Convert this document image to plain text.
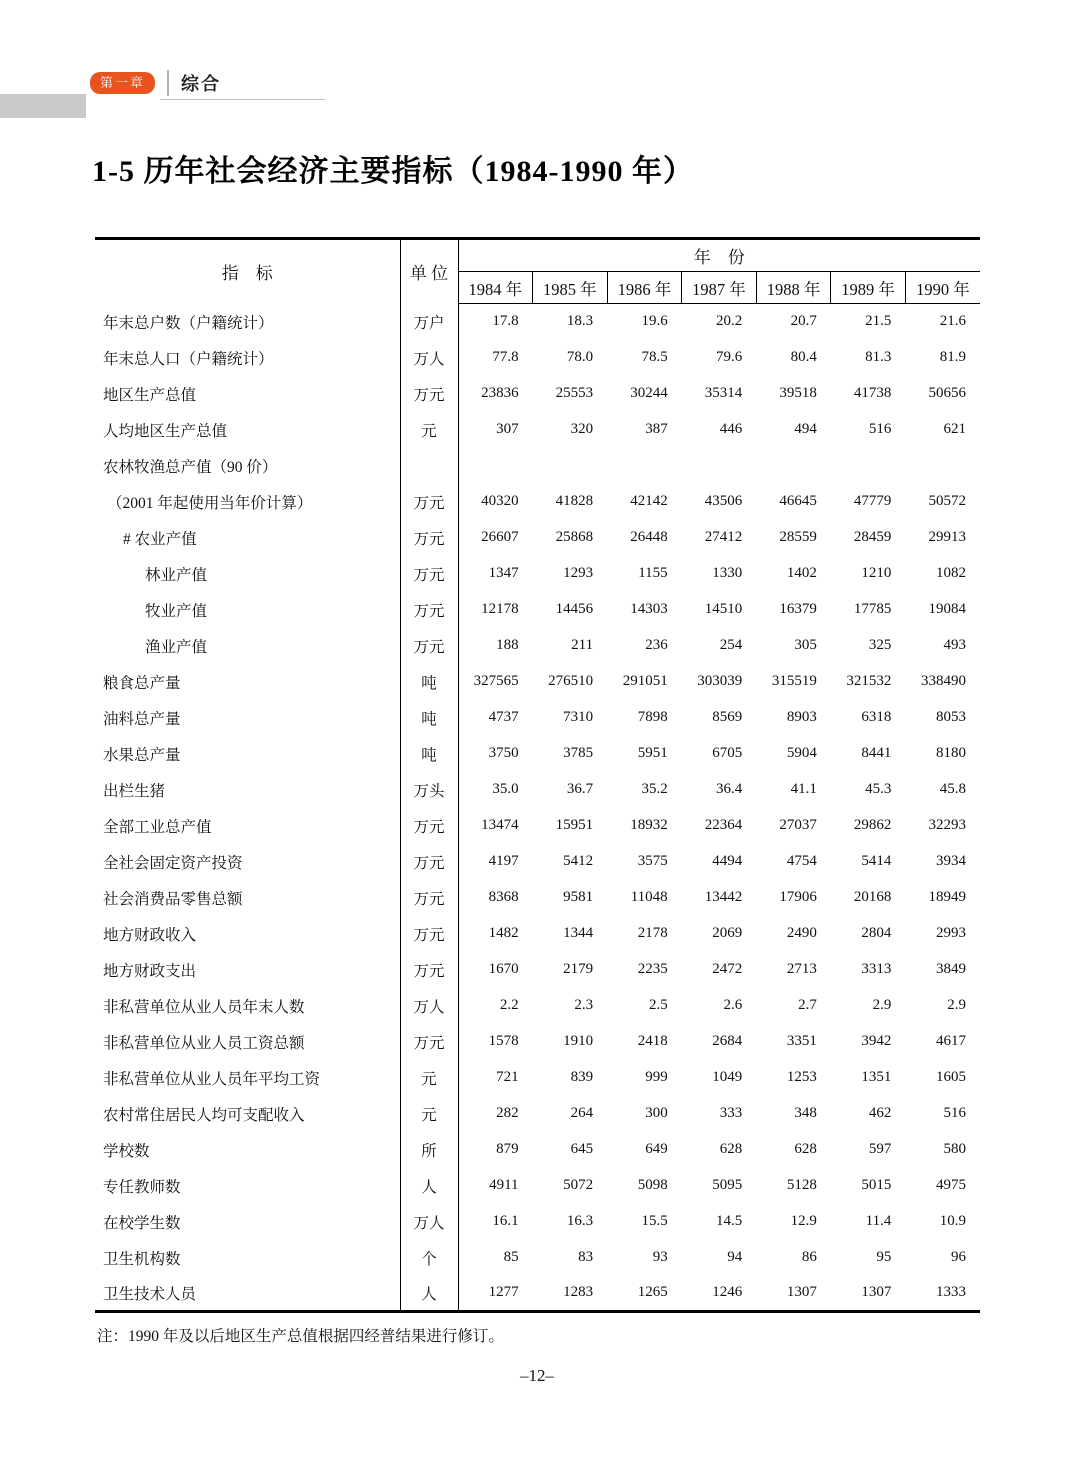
第一章	综合
1-5 历年社会经济主要指标（1984-1990 年）
指　标	单 位	年　份						
		1984 年	1985 年	1986 年	1987 年	1988 年	1989 年	1990 年
年末总户数（户籍统计）	万户	17.8	18.3	19.6	20.2	20.7	21.5	21.6
年末总人口（户籍统计）	万人	77.8	78.0	78.5	79.6	80.4	81.3	81.9
地区生产总值	万元	23836	25553	30244	35314	39518	41738	50656
人均地区生产总值	元	307	320	387	446	494	516	621
农林牧渔总产值（90 价）								
（2001 年起使用当年价计算）	万元	40320	41828	42142	43506	46645	47779	50572
# 农业产值	万元	26607	25868	26448	27412	28559	28459	29913
林业产值	万元	1347	1293	1155	1330	1402	1210	1082
牧业产值	万元	12178	14456	14303	14510	16379	17785	19084
渔业产值	万元	188	211	236	254	305	325	493
粮食总产量	吨	327565	276510	291051	303039	315519	321532	338490
油料总产量	吨	4737	7310	7898	8569	8903	6318	8053
水果总产量	吨	3750	3785	5951	6705	5904	8441	8180
出栏生猪	万头	35.0	36.7	35.2	36.4	41.1	45.3	45.8
全部工业总产值	万元	13474	15951	18932	22364	27037	29862	32293
全社会固定资产投资	万元	4197	5412	3575	4494	4754	5414	3934
社会消费品零售总额	万元	8368	9581	11048	13442	17906	20168	18949
地方财政收入	万元	1482	1344	2178	2069	2490	2804	2993
地方财政支出	万元	1670	2179	2235	2472	2713	3313	3849
非私营单位从业人员年末人数	万人	2.2	2.3	2.5	2.6	2.7	2.9	2.9
非私营单位从业人员工资总额	万元	1578	1910	2418	2684	3351	3942	4617
非私营单位从业人员年平均工资	元	721	839	999	1049	1253	1351	1605
农村常住居民人均可支配收入	元	282	264	300	333	348	462	516
学校数	所	879	645	649	628	628	597	580
专任教师数	人	4911	5072	5098	5095	5128	5015	4975
在校学生数	万人	16.1	16.3	15.5	14.5	12.9	11.4	10.9
卫生机构数	个	85	83	93	94	86	95	96
卫生技术人员	人	1277	1283	1265	1246	1307	1307	1333
注：1990 年及以后地区生产总值根据四经普结果进行修订。
–12–
